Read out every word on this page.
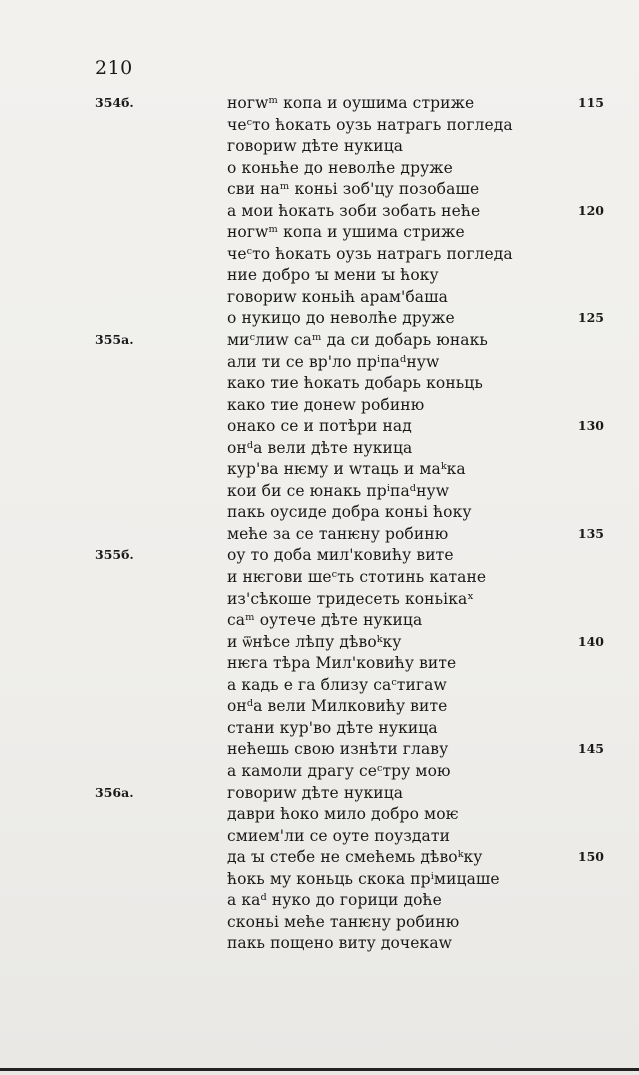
210
354б.	ногwᵐ копа и оушима стриже	115
чеᶜто ћокать оузь натрагь погледа
говориw дѣте нукица
о коньће до неволће друже
сви наᵐ коньі зоб'цу позобаше
а мои ћокать зоби зобать нећe	120
ногwᵐ копа и ушима стриже
чеᶜто ћокать оузь натрагь погледа
ние добро ꙑ мени ꙑ ћоку
говориw коньiћ арам'баша
о нукицо до неволће друже	125
355а.	миᶜлиw саᵐ да си добарь юнакь
али ти се вр'ло прⁱпаᵈнуw
како тие ћокать добарь коньць
како тие донеw робиню
онако се и потѣри над	130
онᵈа вели дѣте нукица
кур'ва нѥму и wтаць и маᵏка
кои би се юнакь прⁱпаᵈнуw
пакь оусиде добра коньі ћоку
мeће за се танѥну робиню	135
355б.	оу то доба мил'ковићу вите
и нѥгови шеᶜть стотинь катане
из'сѣкоше тридесеть коньікаˣ
саᵐ оутече дѣте нукица
и ѿнѣсе лѣпу дѣвоᵏку	140
нѥга тѣра Мил'ковићу вите
а кадь е га близу саᶜтигаw
онᵈа вели Милковићу вите
стани кур'во дѣте нукица
нећешь свою изнѣти главу	145
а камоли драгу сеᶜтру мою
356а.	говориw дѣте нукица
даври ћоко мило добро моѥ
смием'ли се оуте поуздати
да ꙑ стебе не смећемь дѣвоᵏку	150
ћокь му коньць скока прⁱмицаше
а каᵈ нуко до горици доће
сконьі мeће танѥну робиню
пакь пощено виту дочекаw
